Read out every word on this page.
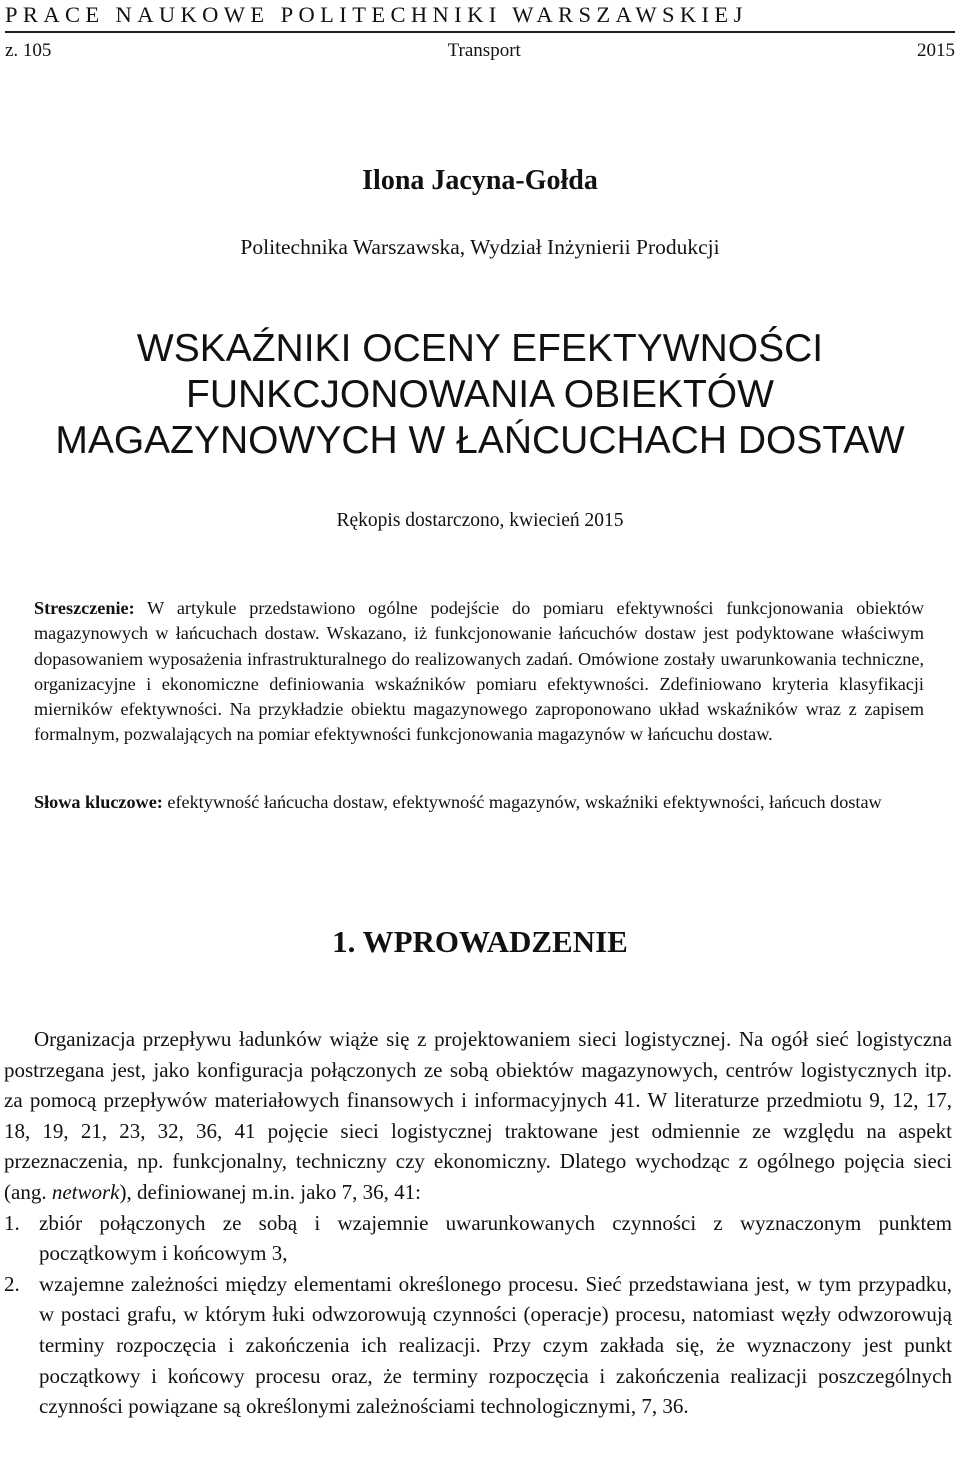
PRACE NAUKOWE POLITECHNIKI WARSZAWSKIEJ
z. 105	Transport	2015
Ilona Jacyna-Gołda
Politechnika Warszawska, Wydział Inżynierii Produkcji
WSKAŹNIKI OCENY EFEKTYWNOŚCI
FUNKCJONOWANIA OBIEKTÓW
MAGAZYNOWYCH W ŁAŃCUCHACH DOSTAW
Rękopis dostarczono, kwiecień 2015
Streszczenie: W artykule przedstawiono ogólne podejście do pomiaru efektywności funkcjonowania obiektów magazynowych w łańcuchach dostaw. Wskazano, iż funkcjonowanie łańcuchów dostaw jest podyktowane właściwym dopasowaniem wyposażenia infrastrukturalnego do realizowanych zadań. Omówione zostały uwarunkowania techniczne, organizacyjne i ekonomiczne definiowania wskaźników pomiaru efektywności. Zdefiniowano kryteria klasyfikacji mierników efektywności. Na przykładzie obiektu magazynowego zaproponowano układ wskaźników wraz z zapisem formalnym, pozwalających na pomiar efektywności funkcjonowania magazynów w łańcuchu dostaw.
Słowa kluczowe: efektywność łańcucha dostaw, efektywność magazynów, wskaźniki efektywności, łańcuch dostaw
1. WPROWADZENIE

Organizacja przepływu ładunków wiąże się z projektowaniem sieci logistycznej. Na ogół sieć logistyczna postrzegana jest, jako konfiguracja połączonych ze sobą obiektów magazynowych, centrów logistycznych itp. za pomocą przepływów materiałowych finansowych i informacyjnych 41. W literaturze przedmiotu 9, 12, 17, 18, 19, 21, 23, 32, 36, 41 pojęcie sieci logistycznej traktowane jest odmiennie ze względu na aspekt przeznaczenia, np. funkcjonalny, techniczny czy ekonomiczny. Dlatego wychodząc z ogólnego pojęcia sieci (ang. network), definiowanej m.in. jako 7, 36, 41:

1. zbiór połączonych ze sobą i wzajemnie uwarunkowanych czynności z wyznaczonym punktem początkowym i końcowym 3,
2. wzajemne zależności między elementami określonego procesu. Sieć przedstawiana jest, w tym przypadku, w postaci grafu, w którym łuki odwzorowują czynności (operacje) procesu, natomiast węzły odwzorowują terminy rozpoczęcia i zakończenia ich realizacji. Przy czym zakłada się, że wyznaczony jest punkt początkowy i końcowy procesu oraz, że terminy rozpoczęcia i zakończenia realizacji poszczególnych czynności powiązane są określonymi zależnościami technologicznymi, 7, 36.
